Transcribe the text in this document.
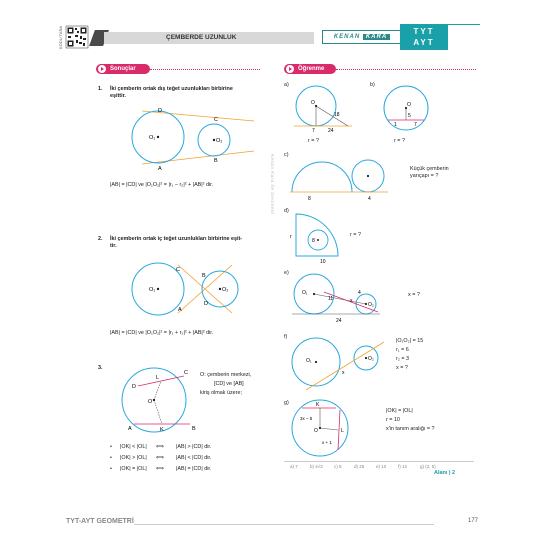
KODU TARA	ÇEMBERDE UZUNLUK	KENAN KARA
TYT
AYT
Sonuçlar
1. İki çemberin ortak dış teğet uzunlukları birbirine
eşittir.
O₁	O₂
D
C
A
B
|AB| = |CD| ve |O₁O₂|² = |r₁ – r₂|² + |AB|² dir.
2. İki çemberin ortak iç teğet uzunlukları birbirine eşit-
tir.
O₁	O₂
C
B
A
D
|AB| = |CD| ve |O₁O₂|² = |r₁ + r₂|² + |AB|² dir.
3.
O
C
L
D
A	K	B
O: çemberin merkezi,
[CD] ve [AB]
kiriş olmak üzere;
• |OK| < |OL| ⟺ |AB| > |CD| dir.
• |OK| > |OL| ⟺ |AB| < |CD| dir.
• |OK| = |OL| ⟺ |AB| = |CD| dir.
Kenan Kara ile Geometri
Öğrenme
a)
O
18
7	24
r = ?
b)
O
5
1	7
r = ?
c)
8	4
Küçük çemberin
yarıçapı = ?
d)
r
8
10
r = ?
e)
O₁
O₂
11	x
4
24
x = ?
f)
O₁	O₂
x
|O₁O₂| = 15
r₁ = 6
r₂ = 3
x = ?
g)
O
K
L
3x – 5
x + 1
|OK| = |OL|
r = 10
x'in tanım aralığı = ?
a) 7	b) 4√2	c) 5	d) 25	e) 10	f) 12	g) (2, 5)
Alanı | 2
TYT-AYT GEOMETRİ	177
